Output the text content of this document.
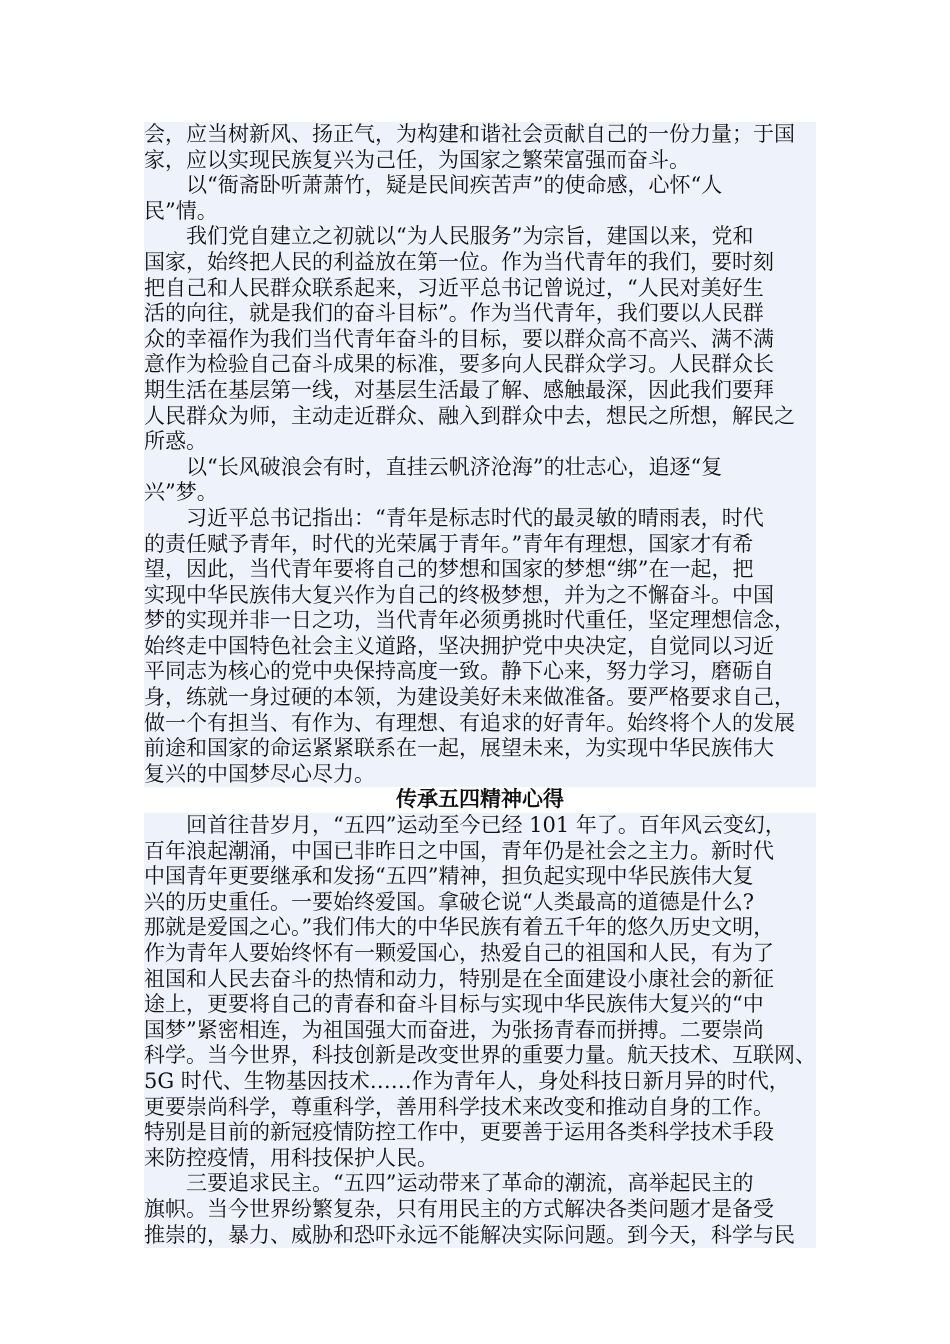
会，应当树新风、扬正气，为构建和谐社会贡献自己的一份力量；于国
家，应以实现民族复兴为己任，为国家之繁荣富强而奋斗。
　　以“衙斋卧听萧萧竹，疑是民间疾苦声”的使命感，心怀“人
民”情。
　　我们党自建立之初就以“为人民服务”为宗旨，建国以来，党和
国家，始终把人民的利益放在第一位。作为当代青年的我们，要时刻
把自己和人民群众联系起来，习近平总书记曾说过，“人民对美好生
活的向往，就是我们的奋斗目标”。作为当代青年，我们要以人民群
众的幸福作为我们当代青年奋斗的目标，要以群众高不高兴、满不满
意作为检验自己奋斗成果的标准，要多向人民群众学习。人民群众长
期生活在基层第一线，对基层生活最了解、感触最深，因此我们要拜
人民群众为师，主动走近群众、融入到群众中去，想民之所想，解民之
所惑。
　　以“长风破浪会有时，直挂云帆济沧海”的壮志心，追逐“复
兴”梦。
　　习近平总书记指出：“青年是标志时代的最灵敏的晴雨表，时代
的责任赋予青年，时代的光荣属于青年。”青年有理想，国家才有希
望，因此，当代青年要将自己的梦想和国家的梦想“绑”在一起，把
实现中华民族伟大复兴作为自己的终极梦想，并为之不懈奋斗。中国
梦的实现并非一日之功，当代青年必须勇挑时代重任，坚定理想信念，
始终走中国特色社会主义道路，坚决拥护党中央决定，自觉同以习近
平同志为核心的党中央保持高度一致。静下心来，努力学习，磨砺自
身，练就一身过硬的本领，为建设美好未来做准备。要严格要求自己，
做一个有担当、有作为、有理想、有追求的好青年。始终将个人的发展
前途和国家的命运紧紧联系在一起，展望未来，为实现中华民族伟大
复兴的中国梦尽心尽力。
传承五四精神心得
　　回首往昔岁月，“五四”运动至今已经 101 年了。百年风云变幻，
百年浪起潮涌，中国已非昨日之中国，青年仍是社会之主力。新时代
中国青年更要继承和发扬“五四”精神，担负起实现中华民族伟大复
兴的历史重任。一要始终爱国。拿破仑说“人类最高的道德是什么?
那就是爱国之心。”我们伟大的中华民族有着五千年的悠久历史文明，
作为青年人要始终怀有一颗爱国心，热爱自己的祖国和人民，有为了
祖国和人民去奋斗的热情和动力，特别是在全面建设小康社会的新征
途上，更要将自己的青春和奋斗目标与实现中华民族伟大复兴的“中
国梦”紧密相连，为祖国强大而奋进，为张扬青春而拼搏。二要崇尚
科学。当今世界，科技创新是改变世界的重要力量。航天技术、互联网、
5G 时代、生物基因技术……作为青年人，身处科技日新月异的时代，
更要崇尚科学，尊重科学，善用科学技术来改变和推动自身的工作。
特别是目前的新冠疫情防控工作中，更要善于运用各类科学技术手段
来防控疫情，用科技保护人民。
　　三要追求民主。“五四”运动带来了革命的潮流，高举起民主的
旗帜。当今世界纷繁复杂，只有用民主的方式解决各类问题才是备受
推崇的，暴力、威胁和恐吓永远不能解决实际问题。到今天，科学与民
